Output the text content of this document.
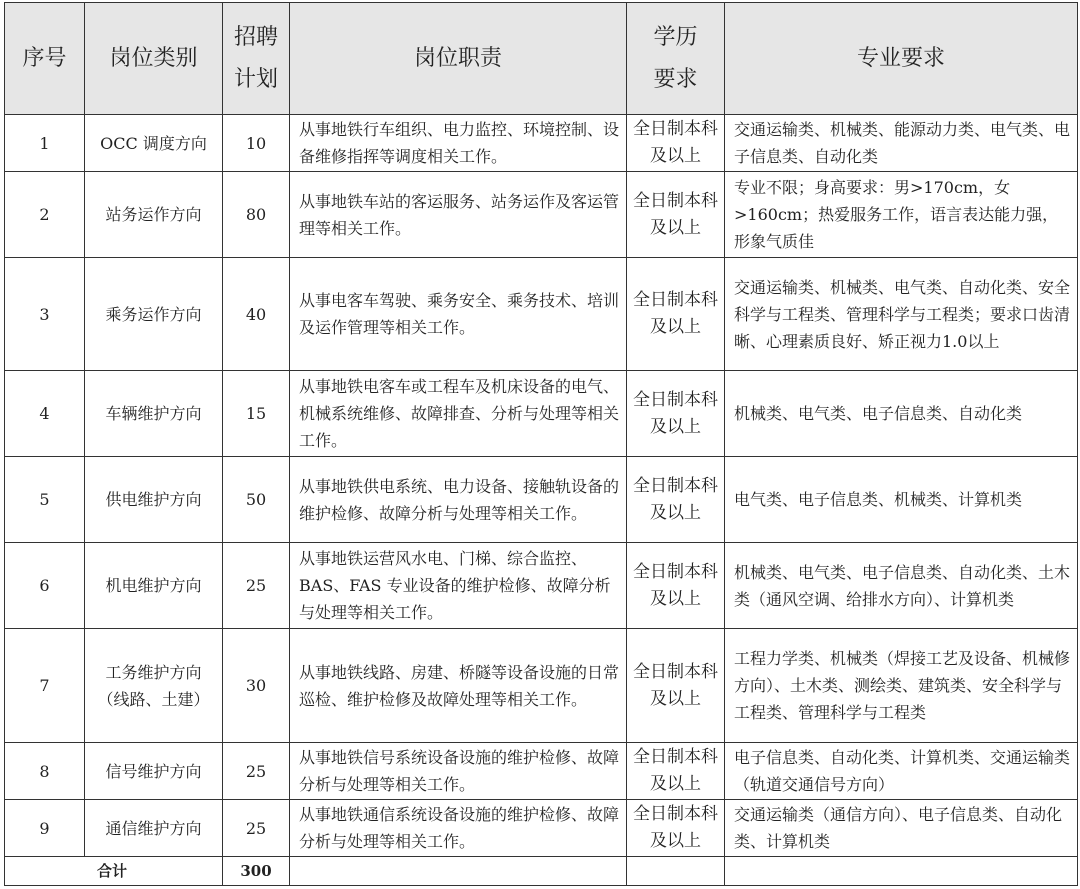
序号	岗位类别	招聘计划	岗位职责	学历要求	专业要求
1	OCC 调度方向	10	从事地铁行车组织、电力监控、环境控制、设备维修指挥等调度相关工作。	全日制本科及以上	交通运输类、机械类、能源动力类、电气类、电子信息类、自动化类
2	站务运作方向	80	从事地铁车站的客运服务、站务运作及客运管理等相关工作。	全日制本科及以上	专业不限；身高要求：男>170cm，女>160cm；热爱服务工作，语言表达能力强，形象气质佳
3	乘务运作方向	40	从事电客车驾驶、乘务安全、乘务技术、培训及运作管理等相关工作。	全日制本科及以上	交通运输类、机械类、电气类、自动化类、安全科学与工程类、管理科学与工程类；要求口齿清晰、心理素质良好、矫正视力1.0以上
4	车辆维护方向	15	从事地铁电客车或工程车及机床设备的电气、机械系统维修、故障排查、分析与处理等相关工作。	全日制本科及以上	机械类、电气类、电子信息类、自动化类
5	供电维护方向	50	从事地铁供电系统、电力设备、接触轨设备的维护检修、故障分析与处理等相关工作。	全日制本科及以上	电气类、电子信息类、机械类、计算机类
6	机电维护方向	25	从事地铁运营风水电、门梯、综合监控、BAS、FAS 专业设备的维护检修、故障分析与处理等相关工作。	全日制本科及以上	机械类、电气类、电子信息类、自动化类、土木类（通风空调、给排水方向）、计算机类
7	工务维护方向（线路、土建）	30	从事地铁线路、房建、桥隧等设备设施的日常巡检、维护检修及故障处理等相关工作。	全日制本科及以上	工程力学类、机械类（焊接工艺及设备、机械修方向）、土木类、测绘类、建筑类、安全科学与工程类、管理科学与工程类
8	信号维护方向	25	从事地铁信号系统设备设施的维护检修、故障分析与处理等相关工作。	全日制本科及以上	电子信息类、自动化类、计算机类、交通运输类（轨道交通信号方向）
9	通信维护方向	25	从事地铁通信系统设备设施的维护检修、故障分析与处理等相关工作。	全日制本科及以上	交通运输类（通信方向）、电子信息类、自动化类、计算机类
合计		300			
